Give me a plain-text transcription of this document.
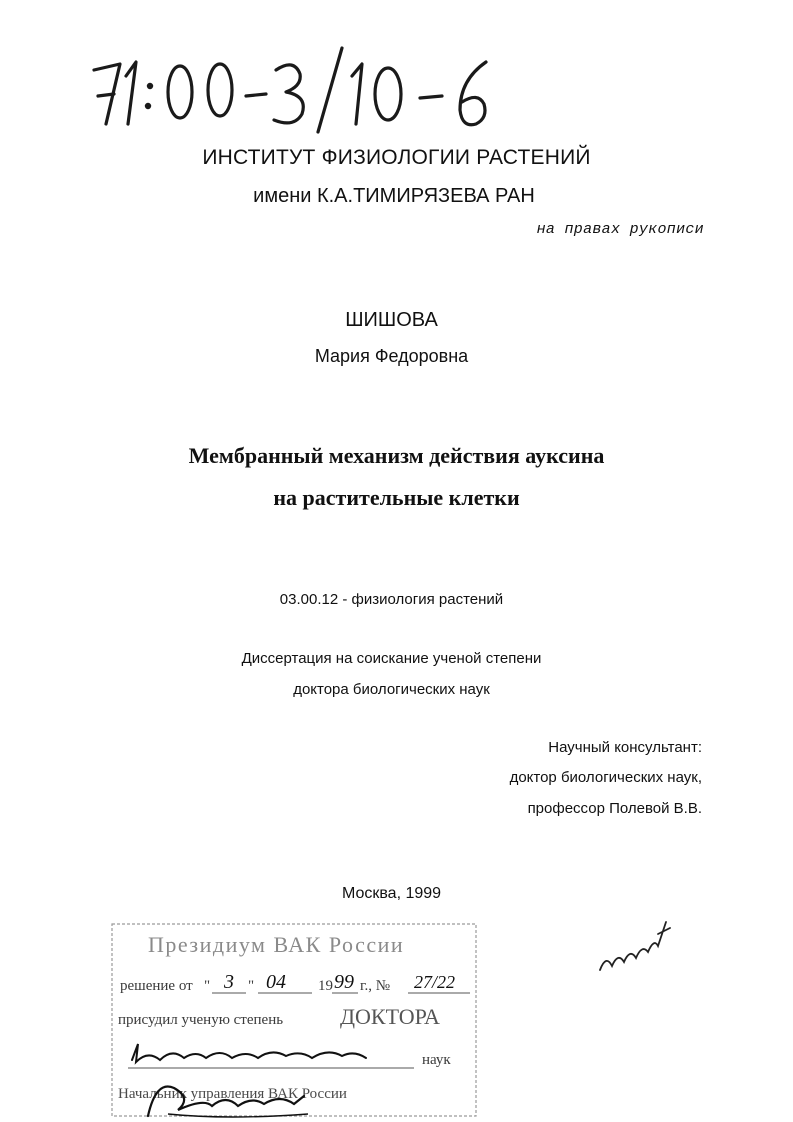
ИНСТИТУТ ФИЗИОЛОГИИ РАСТЕНИЙ
имени К.А.ТИМИРЯЗЕВА РАН
на правах рукописи
ШИШОВА
Мария Федоровна
Мембранный механизм действия ауксина
на растительные клетки
03.00.12 - физиология растений
Диссертация на соискание ученой степени
доктора биологических наук
Научный консультант:
доктор биологических наук,
профессор Полевой В.В.
Москва, 1999
Президиум ВАК России
решение от " 3 " 04 19 99 г., № 27/22
присудил ученую степень	ДОКТОРА
наук
Начальник управления ВАК России
